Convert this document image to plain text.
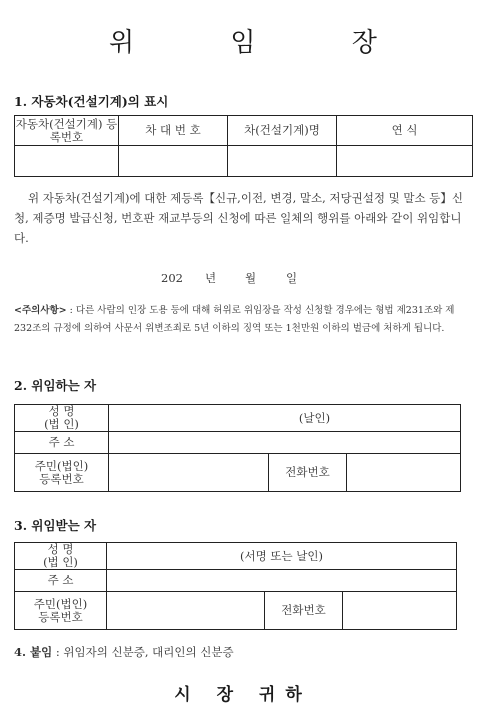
위 임 장
1. 자동차(건설기계)의 표시
자동차(건설기계) 등록번호	차 대 번 호	차(건설기계)명	연 식

위 자동차(건설기계)에 대한 제등록【신규,이전, 변경, 말소, 저당권설정 및 말소 등】신청, 제증명 발급신청, 번호판 재교부등의 신청에 따른 일체의 행위를 아래와 같이 위임합니다.
202 년	월	일
<주의사항> : 다른 사람의 인장 도용 등에 대해 허위로 위임장을 작성 신청할 경우에는 형법 제231조와 제232조의 규정에 의하여 사문서 위변조죄로 5년 이하의 징역 또는 1천만원 이하의 벌금에 처하게 됩니다.
2. 위임하는 자
성 명
(법 인)	(날인)		
주 소			

주민(법인)
등록번호		전화번호	
3. 위임받는 자
성 명
(법 인)	(서명 또는 날인)		
주 소			

주민(법인)
등록번호		전화번호	
4. 붙임 : 위임자의 신분증, 대리인의 신분증
시 장 귀하
